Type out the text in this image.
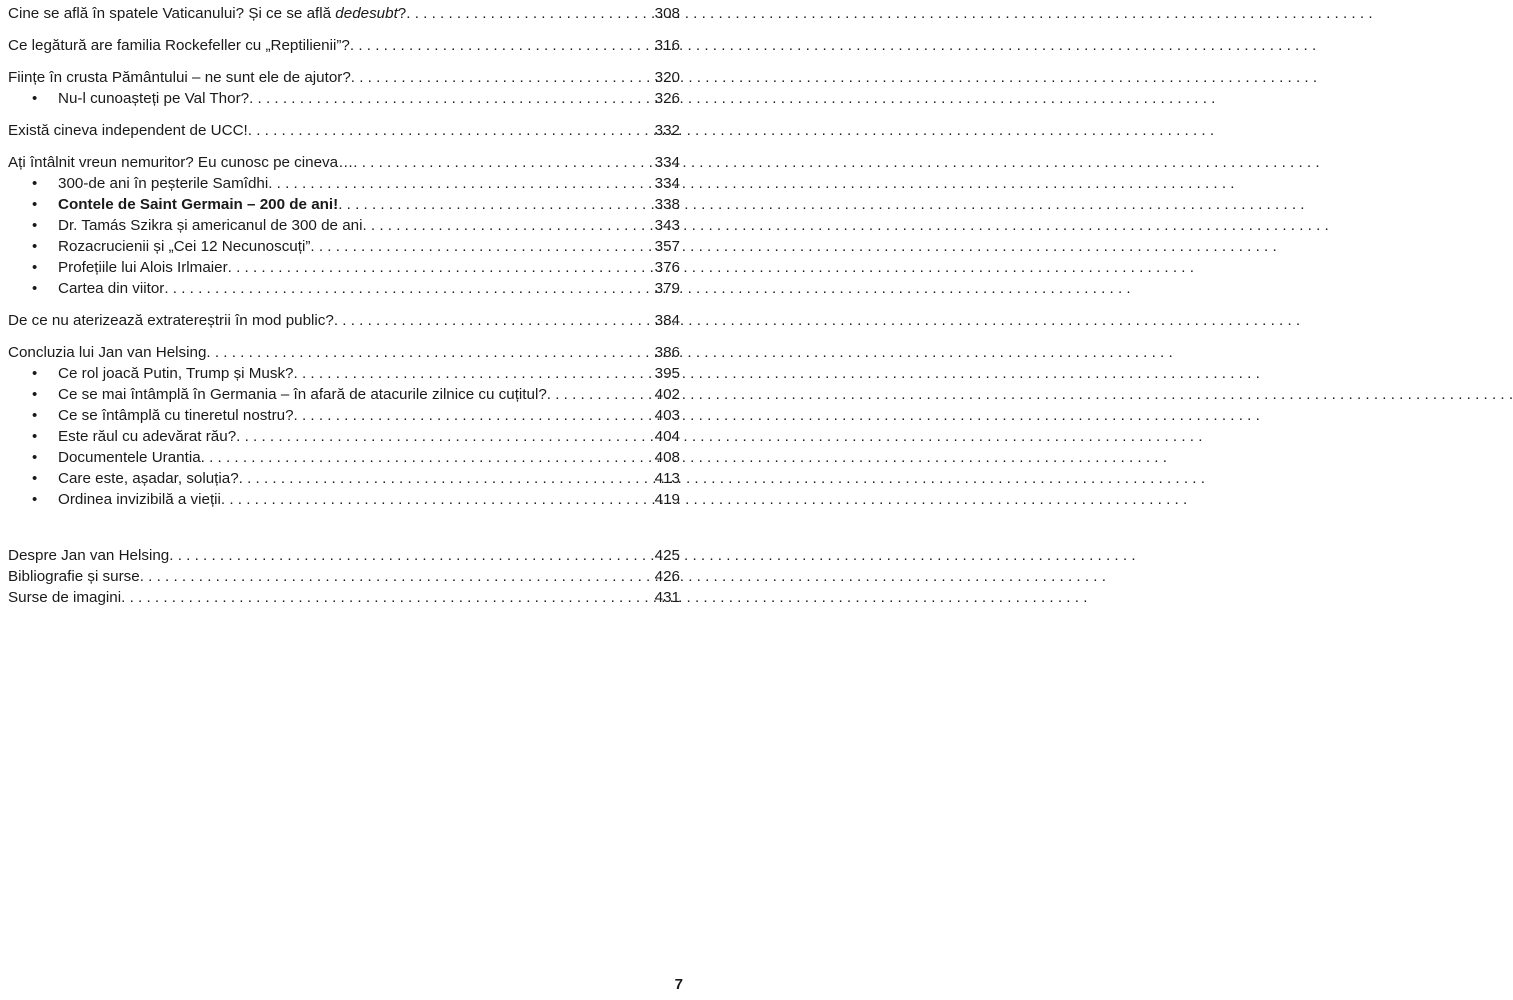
Cine se află în spatele Vaticanului? Și ce se află dedesubt? . . .	308
Ce legătură are familia Rockefeller cu „Reptilienii”? . . .	316
Ființe în crusta Pământului – ne sunt ele de ajutor? . . .	320
•	Nu-l cunoașteți pe Val Thor? . . .	326
Există cineva independent de UCC! . . .	332
Ați întâlnit vreun nemuritor? Eu cunosc pe cineva… . . .	334
•	300-de ani în peșterile Samîdhi . . .	334
•	Contele de Saint Germain – 200 de ani! . . .	338
•	Dr. Tamás Szikra și americanul de 300 de ani . . .	343
•	Rozacrucienii și „Cei 12 Necunoscuți” . . .	357
•	Profețiile lui Alois Irlmaier . . .	376
•	Cartea din viitor . . .	379
De ce nu aterizează extratereștrii în mod public? . . .	384
Concluzia lui Jan van Helsing . . .	386
•	Ce rol joacă Putin, Trump și Musk? . . .	395
•	Ce se mai întâmplă în Germania – în afară de atacurile zilnice cu cuțitul? . . .	402
•	Ce se întâmplă cu tineretul nostru? . . .	403
•	Este răul cu adevărat rău? . . .	404
•	Documentele Urantia . . .	408
•	Care este, așadar, soluția? . . .	413
•	Ordinea invizibilă a vieții . . .	419
Despre Jan van Helsing . . .	425
Bibliografie și surse . . .	426
Surse de imagini . . .	431
7
